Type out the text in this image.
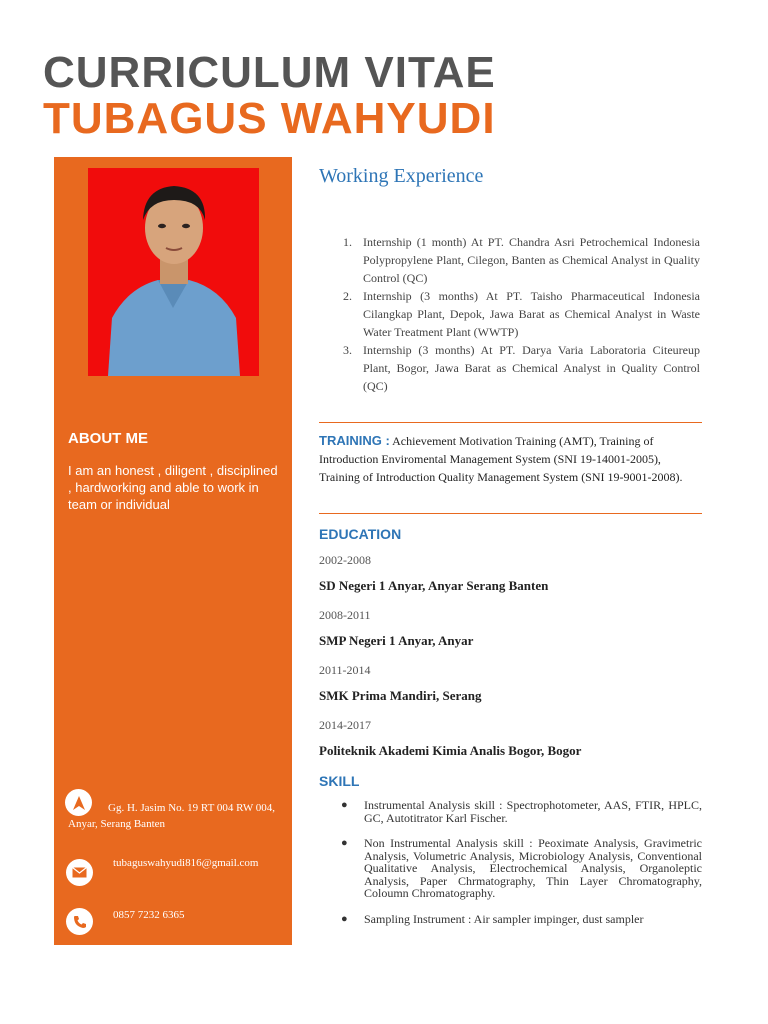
CURRICULUM VITAE
TUBAGUS WAHYUDI
ABOUT ME
I am an honest , diligent , disciplined , hardworking and able to work in team or individual
Gg. H. Jasim No. 19 RT 004 RW 004, Anyar, Serang Banten
tubaguswahyudi816@gmail.com
0857 7232 6365
Working Experience
1. Internship (1 month) At PT. Chandra Asri Petrochemical Indonesia Polypropylene Plant, Cilegon, Banten as Chemical Analyst in Quality Control (QC)
2. Internship (3 months) At PT. Taisho Pharmaceutical Indonesia Cilangkap Plant, Depok, Jawa Barat as Chemical Analyst in Waste Water Treatment Plant (WWTP)
3. Internship (3 months) At PT. Darya Varia Laboratoria Citeureup Plant, Bogor, Jawa Barat as Chemical Analyst in Quality Control (QC)
TRAINING : Achievement Motivation Training (AMT), Training of Introduction Enviromental Management System (SNI 19-14001-2005), Training of Introduction Quality Management System (SNI 19-9001-2008).
EDUCATION
2002-2008
SD Negeri 1 Anyar, Anyar Serang Banten
2008-2011
SMP Negeri 1 Anyar, Anyar
2011-2014
SMK Prima Mandiri, Serang
2014-2017
Politeknik Akademi Kimia Analis Bogor, Bogor
SKILL
● Instrumental Analysis skill : Spectrophotometer, AAS, FTIR, HPLC, GC, Autotitrator Karl Fischer.
● Non Instrumental Analysis skill : Peoximate Analysis, Gravimetric Analysis, Volumetric Analysis, Microbiology Analysis, Conventional Qualitative Analysis, Electrochemical Analysis, Organoleptic Analysis, Paper Chrmatography, Thin Layer Chromatography, Coloumn Chromatography.
● Sampling Instrument : Air sampler impinger, dust sampler
